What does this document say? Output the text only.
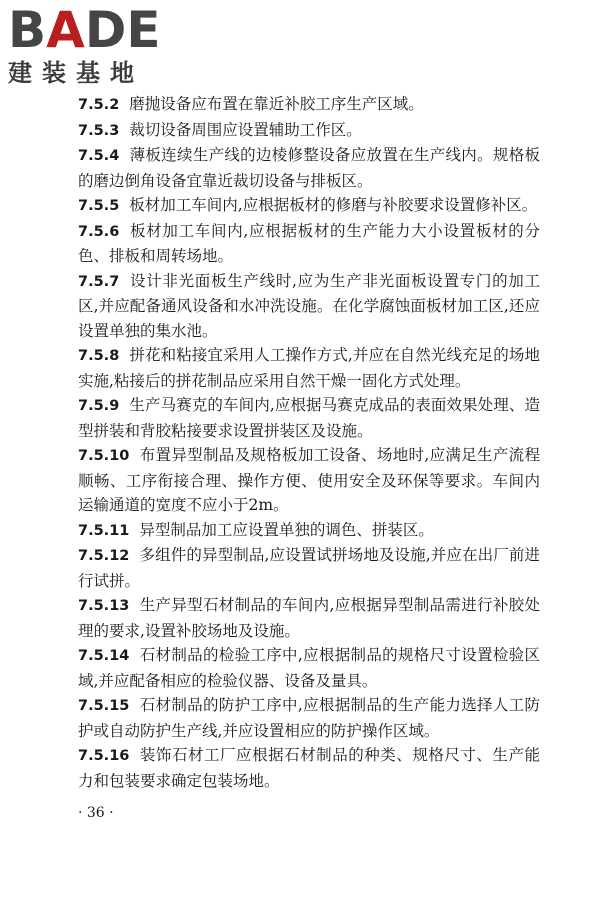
BADE
建装基地

7.5.2 磨抛设备应布置在靠近补胶工序生产区域。

7.5.3 裁切设备周围应设置辅助工作区。

7.5.4 薄板连续生产线的边棱修整设备应放置在生产线内。规格板的磨边倒角设备宜靠近裁切设备与排板区。

7.5.5 板材加工车间内,应根据板材的修磨与补胶要求设置修补区。

7.5.6 板材加工车间内,应根据板材的生产能力大小设置板材的分色、排板和周转场地。

7.5.7 设计非光面板生产线时,应为生产非光面板设置专门的加工区,并应配备通风设备和水冲洗设施。在化学腐蚀面板材加工区,还应设置单独的集水池。

7.5.8 拼花和粘接宜采用人工操作方式,并应在自然光线充足的场地实施,粘接后的拼花制品应采用自然干燥一固化方式处理。

7.5.9 生产马赛克的车间内,应根据马赛克成品的表面效果处理、造型拼装和背胶粘接要求设置拼装区及设施。

7.5.10 布置异型制品及规格板加工设备、场地时,应满足生产流程顺畅、工序衔接合理、操作方便、使用安全及环保等要求。车间内运输通道的宽度不应小于2m。

7.5.11 异型制品加工应设置单独的调色、拼装区。

7.5.12 多组件的异型制品,应设置试拼场地及设施,并应在出厂前进行试拼。

7.5.13 生产异型石材制品的车间内,应根据异型制品需进行补胶处理的要求,设置补胶场地及设施。

7.5.14 石材制品的检验工序中,应根据制品的规格尺寸设置检验区域,并应配备相应的检验仪器、设备及量具。

7.5.15 石材制品的防护工序中,应根据制品的生产能力选择人工防护或自动防护生产线,并应设置相应的防护操作区域。

7.5.16 装饰石材工厂应根据石材制品的种类、规格尺寸、生产能力和包装要求确定包装场地。

· 36 ·
